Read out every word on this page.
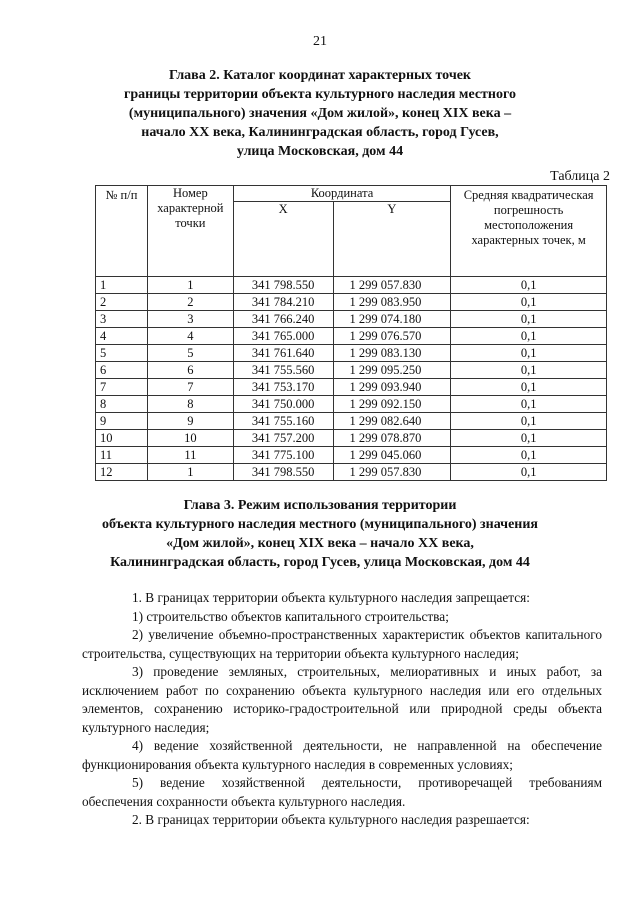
21
Глава 2. Каталог координат характерных точек
границы территории объекта культурного наследия местного
(муниципального) значения «Дом жилой», конец XIX века –
начало XX века, Калининградская область, город Гусев,
улица Московская, дом 44
Таблица 2
№ п/п	Номер характерной точки	Координата		Средняя квадратическая погрешность местоположения характерных точек, м
		X	Y	
1	1	341 798.550	1 299 057.830	0,1
2	2	341 784.210	1 299 083.950	0,1
3	3	341 766.240	1 299 074.180	0,1
4	4	341 765.000	1 299 076.570	0,1
5	5	341 761.640	1 299 083.130	0,1
6	6	341 755.560	1 299 095.250	0,1
7	7	341 753.170	1 299 093.940	0,1
8	8	341 750.000	1 299 092.150	0,1
9	9	341 755.160	1 299 082.640	0,1
10	10	341 757.200	1 299 078.870	0,1
11	11	341 775.100	1 299 045.060	0,1
12	1	341 798.550	1 299 057.830	0,1
Глава 3. Режим использования территории
объекта культурного наследия местного (муниципального) значения
«Дом жилой», конец XIX века – начало XX века,
Калининградская область, город Гусев, улица Московская, дом 44

1. В границах территории объекта культурного наследия запрещается:

1) строительство объектов капитального строительства;

2) увеличение объемно-пространственных характеристик объектов капитального строительства, существующих на территории объекта культурного наследия;

3) проведение земляных, строительных, мелиоративных и иных работ, за исключением работ по сохранению объекта культурного наследия или его отдельных элементов, сохранению историко-градостроительной или природной среды объекта культурного наследия;

4) ведение хозяйственной деятельности, не направленной на обеспечение функционирования объекта культурного наследия в современных условиях;

5) ведение хозяйственной деятельности, противоречащей требованиям обеспечения сохранности объекта культурного наследия.

2. В границах территории объекта культурного наследия разрешается:
